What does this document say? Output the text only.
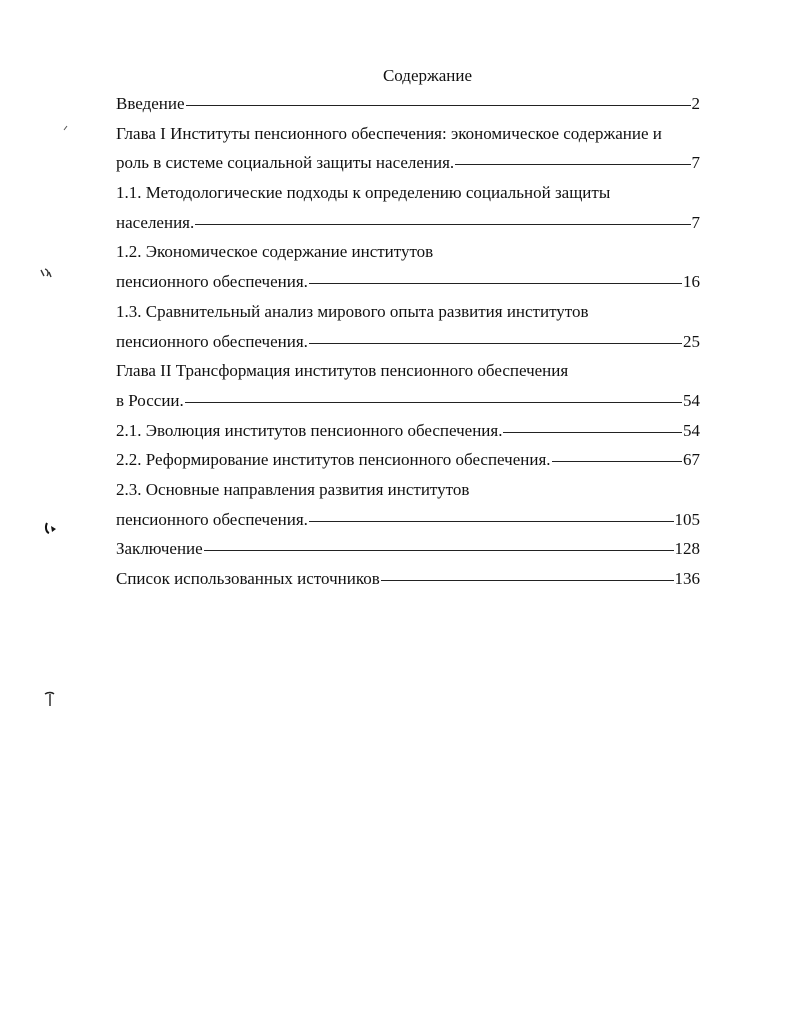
Содержание
Введение	2
Глава I Институты пенсионного обеспечения: экономическое содержание и
роль в системе социальной защиты населения.	7
1.1. Методологические подходы к определению социальной защиты
населения.	7
1.2. Экономическое содержание институтов
пенсионного обеспечения.	16
1.3. Сравнительный анализ мирового опыта развития институтов
пенсионного обеспечения.	25
Глава II Трансформация институтов пенсионного обеспечения
в России.	54
2.1. Эволюция институтов пенсионного обеспечения.	54
2.2. Реформирование институтов пенсионного обеспечения.	67
2.3. Основные направления развития институтов
пенсионного обеспечения.	105
Заключение	128
Список использованных источников	136
